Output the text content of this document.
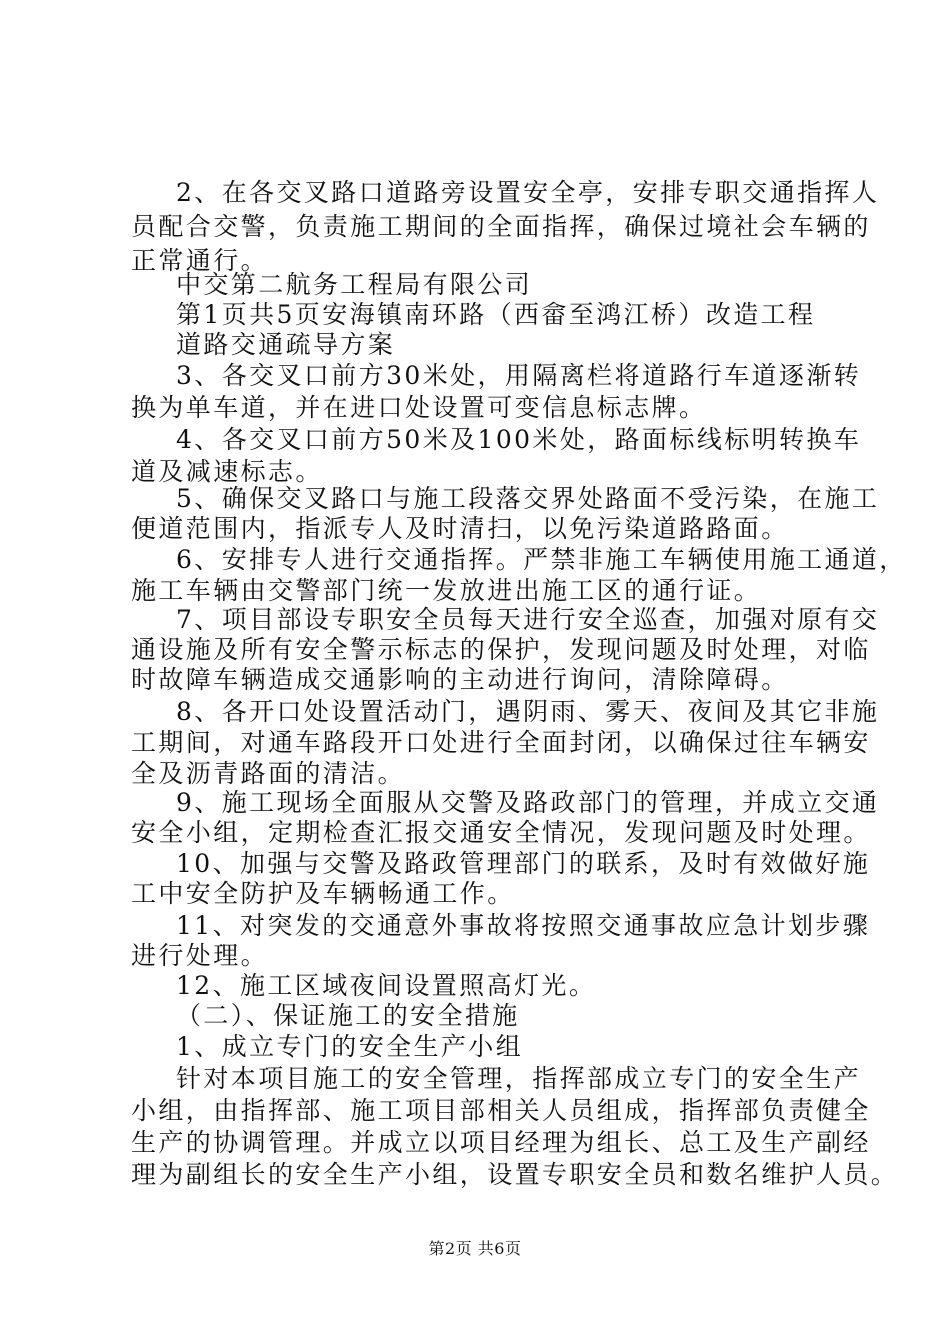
2、在各交叉路口道路旁设置安全亭，安排专职交通指挥人
员配合交警，负责施工期间的全面指挥，确保过境社会车辆的
正常通行。
中交第二航务工程局有限公司
第1页共5页安海镇南环路（西畲至鸿江桥）改造工程
道路交通疏导方案
3、各交叉口前方30米处，用隔离栏将道路行车道逐渐转
换为单车道，并在进口处设置可变信息标志牌。
4、各交叉口前方50米及100米处，路面标线标明转换车
道及减速标志。
5、确保交叉路口与施工段落交界处路面不受污染，在施工
便道范围内，指派专人及时清扫，以免污染道路路面。
6、安排专人进行交通指挥。严禁非施工车辆使用施工通道，
施工车辆由交警部门统一发放进出施工区的通行证。
7、项目部设专职安全员每天进行安全巡查，加强对原有交
通设施及所有安全警示标志的保护，发现问题及时处理，对临
时故障车辆造成交通影响的主动进行询问，清除障碍。
8、各开口处设置活动门，遇阴雨、雾天、夜间及其它非施
工期间，对通车路段开口处进行全面封闭，以确保过往车辆安
全及沥青路面的清洁。
9、施工现场全面服从交警及路政部门的管理，并成立交通
安全小组，定期检查汇报交通安全情况，发现问题及时处理。
10、加强与交警及路政管理部门的联系，及时有效做好施
工中安全防护及车辆畅通工作。
11、对突发的交通意外事故将按照交通事故应急计划步骤
进行处理。
12、施工区域夜间设置照高灯光。
（二）、保证施工的安全措施
1、成立专门的安全生产小组
针对本项目施工的安全管理，指挥部成立专门的安全生产
小组，由指挥部、施工项目部相关人员组成，指挥部负责健全
生产的协调管理。并成立以项目经理为组长、总工及生产副经
理为副组长的安全生产小组，设置专职安全员和数名维护人员。
第2页 共6页
